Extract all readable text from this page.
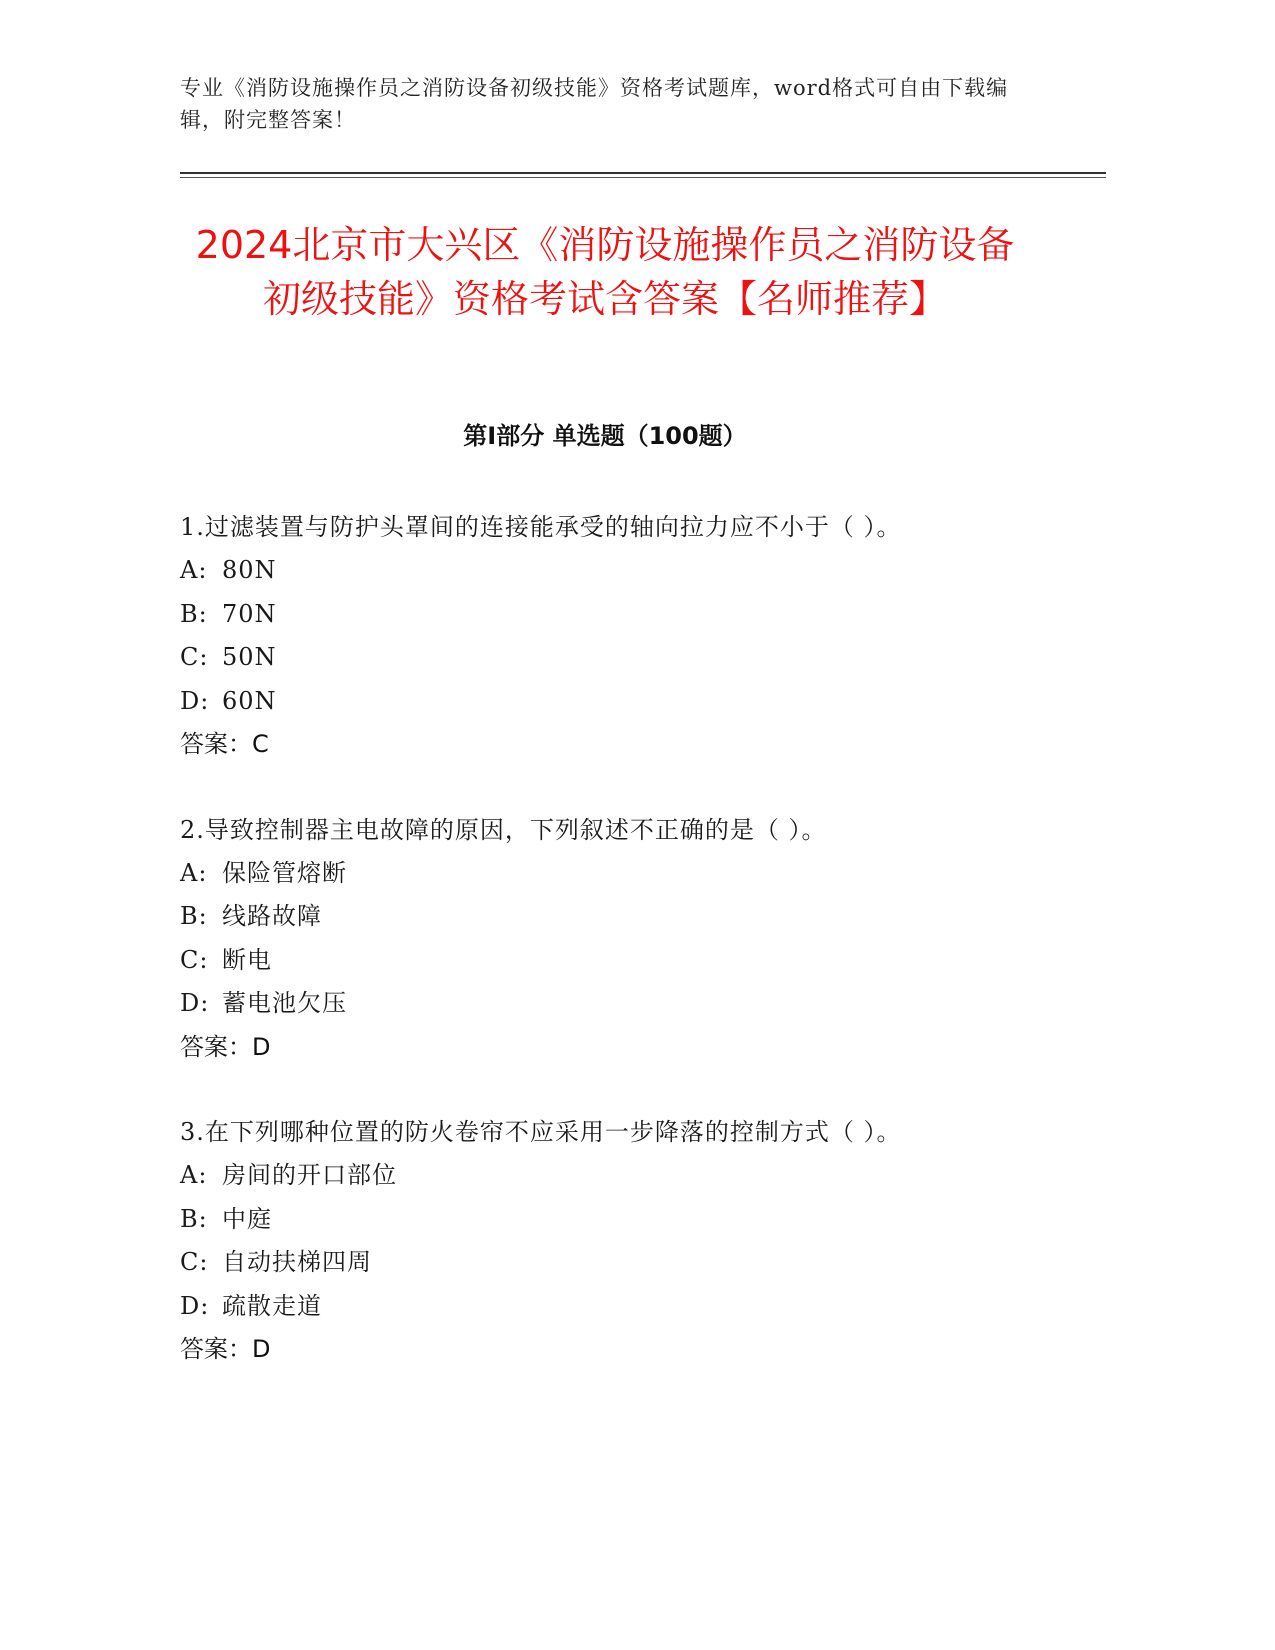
专业《消防设施操作员之消防设备初级技能》资格考试题库，word格式可自由下载编辑，附完整答案！
2024北京市大兴区《消防设施操作员之消防设备初级技能》资格考试含答案【名师推荐】
第I部分 单选题（100题）
1.过滤装置与防护头罩间的连接能承受的轴向拉力应不小于（ ）。
A: 80N
B: 70N
C: 50N
D: 60N
答案：C
2.导致控制器主电故障的原因，下列叙述不正确的是（ ）。
A: 保险管熔断
B: 线路故障
C: 断电
D: 蓄电池欠压
答案：D
3.在下列哪种位置的防火卷帘不应采用一步降落的控制方式（ ）。
A: 房间的开口部位
B: 中庭
C: 自动扶梯四周
D: 疏散走道
答案：D
